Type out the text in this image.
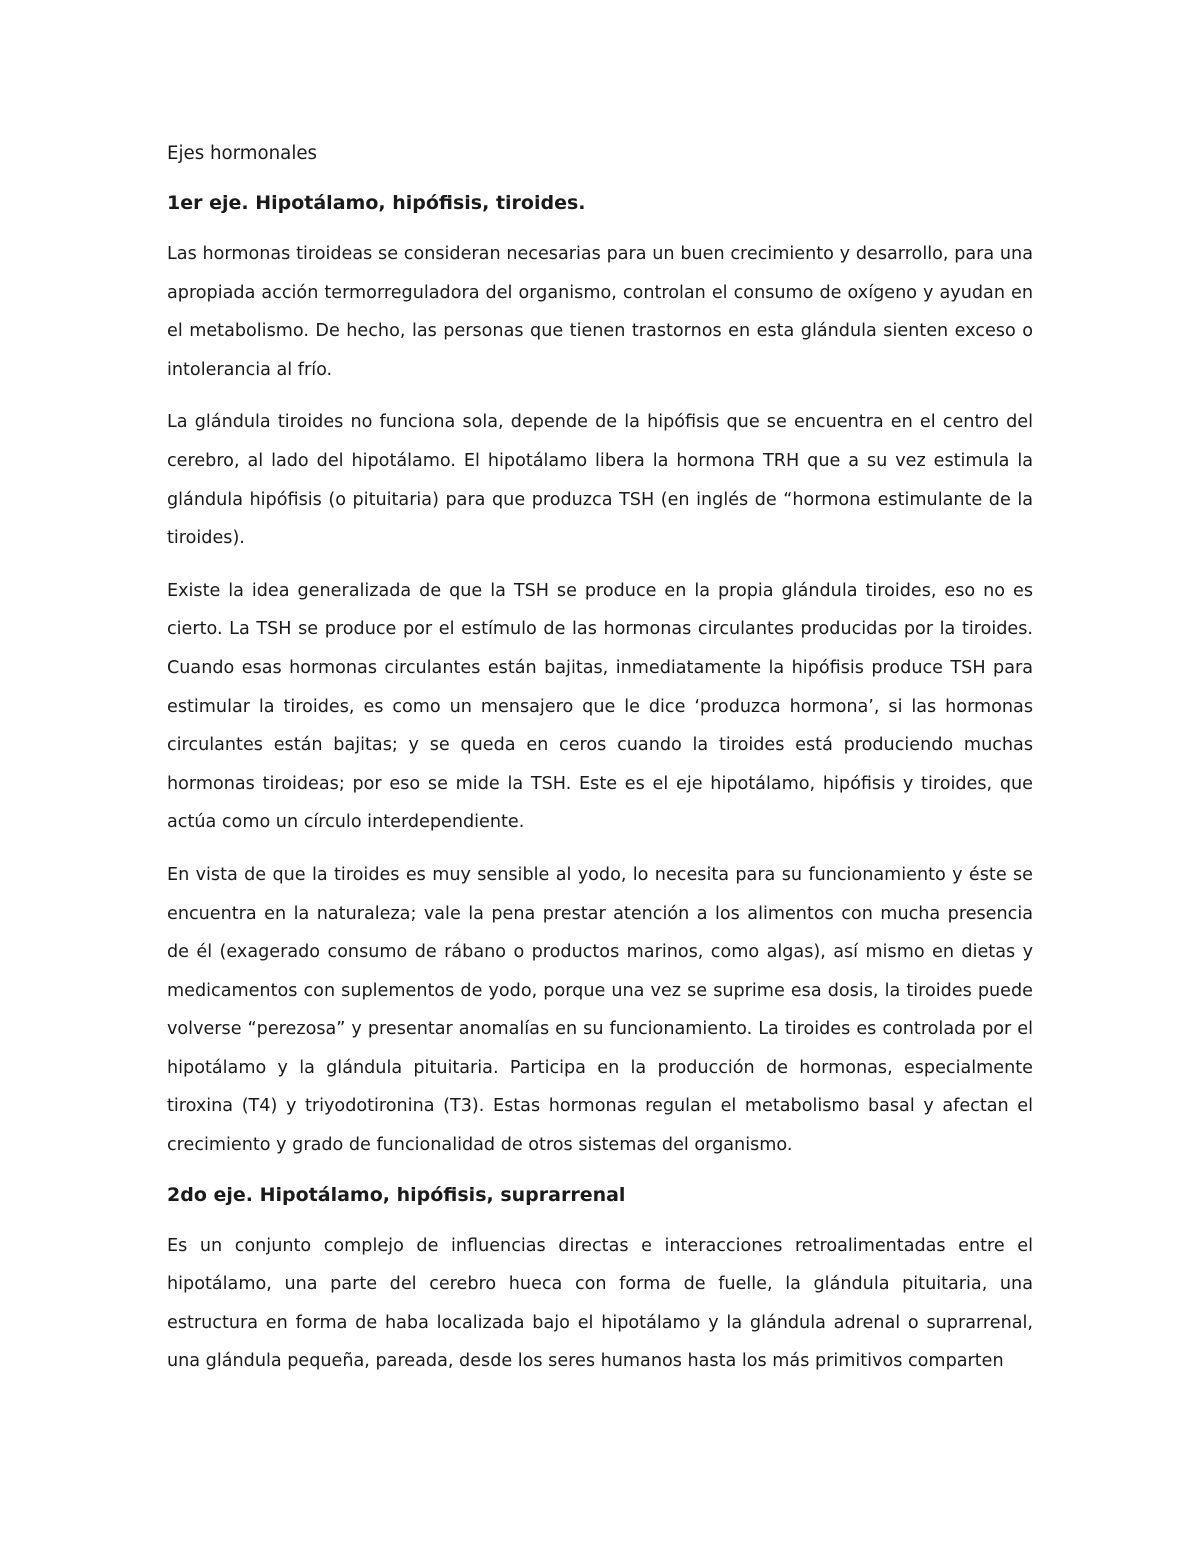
Ejes hormonales
1er eje. Hipotálamo, hipófisis, tiroides.

Las hormonas tiroideas se consideran necesarias para un buen crecimiento y desarrollo, para una apropiada acción termorreguladora del organismo, controlan el consumo de oxígeno y ayudan en el metabolismo. De hecho, las personas que tienen trastornos en esta glándula sienten exceso o intolerancia al frío.

La glándula tiroides no funciona sola, depende de la hipófisis que se encuentra en el centro del cerebro, al lado del hipotálamo. El hipotálamo libera la hormona TRH que a su vez estimula la glándula hipófisis (o pituitaria) para que produzca TSH (en inglés de “hormona estimulante de la tiroides).

Existe la idea generalizada de que la TSH se produce en la propia glándula tiroides, eso no es cierto. La TSH se produce por el estímulo de las hormonas circulantes producidas por la tiroides. Cuando esas hormonas circulantes están bajitas, inmediatamente la hipófisis produce TSH para estimular la tiroides, es como un mensajero que le dice ‘produzca hormona’, si las hormonas circulantes están bajitas; y se queda en ceros cuando la tiroides está produciendo muchas hormonas tiroideas; por eso se mide la TSH. Este es el eje hipotálamo, hipófisis y tiroides, que actúa como un círculo interdependiente.

En vista de que la tiroides es muy sensible al yodo, lo necesita para su funcionamiento y éste se encuentra en la naturaleza; vale la pena prestar atención a los alimentos con mucha presencia de él (exagerado consumo de rábano o productos marinos, como algas), así mismo en dietas y medicamentos con suplementos de yodo, porque una vez se suprime esa dosis, la tiroides puede volverse “perezosa” y presentar anomalías en su funcionamiento. La tiroides es controlada por el hipotálamo y la glándula pituitaria. Participa en la producción de hormonas, especialmente tiroxina (T4) y triyodotironina (T3). Estas hormonas regulan el metabolismo basal y afectan el crecimiento y grado de funcionalidad de otros sistemas del organismo.

2do eje. Hipotálamo, hipófisis, suprarrenal

Es un conjunto complejo de influencias directas e interacciones retroalimentadas entre el hipotálamo, una parte del cerebro hueca con forma de fuelle, la glándula pituitaria, una estructura en forma de haba localizada bajo el hipotálamo y la glándula adrenal o suprarrenal, una glándula pequeña, pareada, desde los seres humanos hasta los más primitivos comparten
